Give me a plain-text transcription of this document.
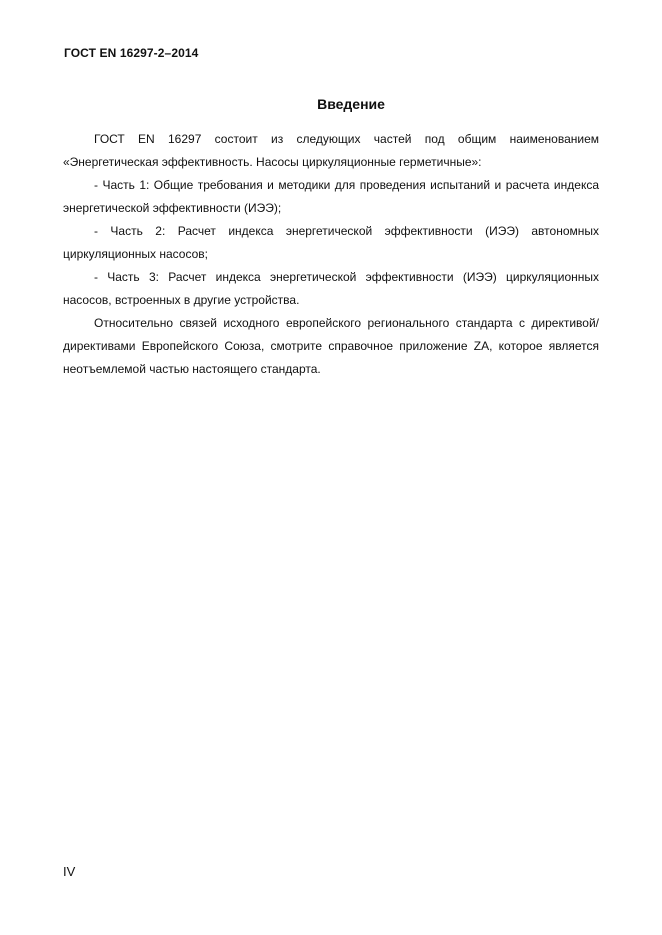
ГОСТ EN 16297-2–2014
Введение

ГОСТ EN 16297 состоит из следующих частей под общим наименованием «Энергетическая эффективность. Насосы циркуляционные герметичные»:

- Часть 1: Общие требования и методики для проведения испытаний и расчета индекса энергетической эффективности (ИЭЭ);

- Часть 2: Расчет индекса энергетической эффективности (ИЭЭ) автономных циркуляционных насосов;

- Часть 3: Расчет индекса энергетической эффективности (ИЭЭ) циркуляционных насосов, встроенных в другие устройства.

Относительно связей исходного европейского регионального стандарта с директивой/директивами Европейского Союза, смотрите справочное приложение ZA, которое является неотъемлемой частью настоящего стандарта.

IV
